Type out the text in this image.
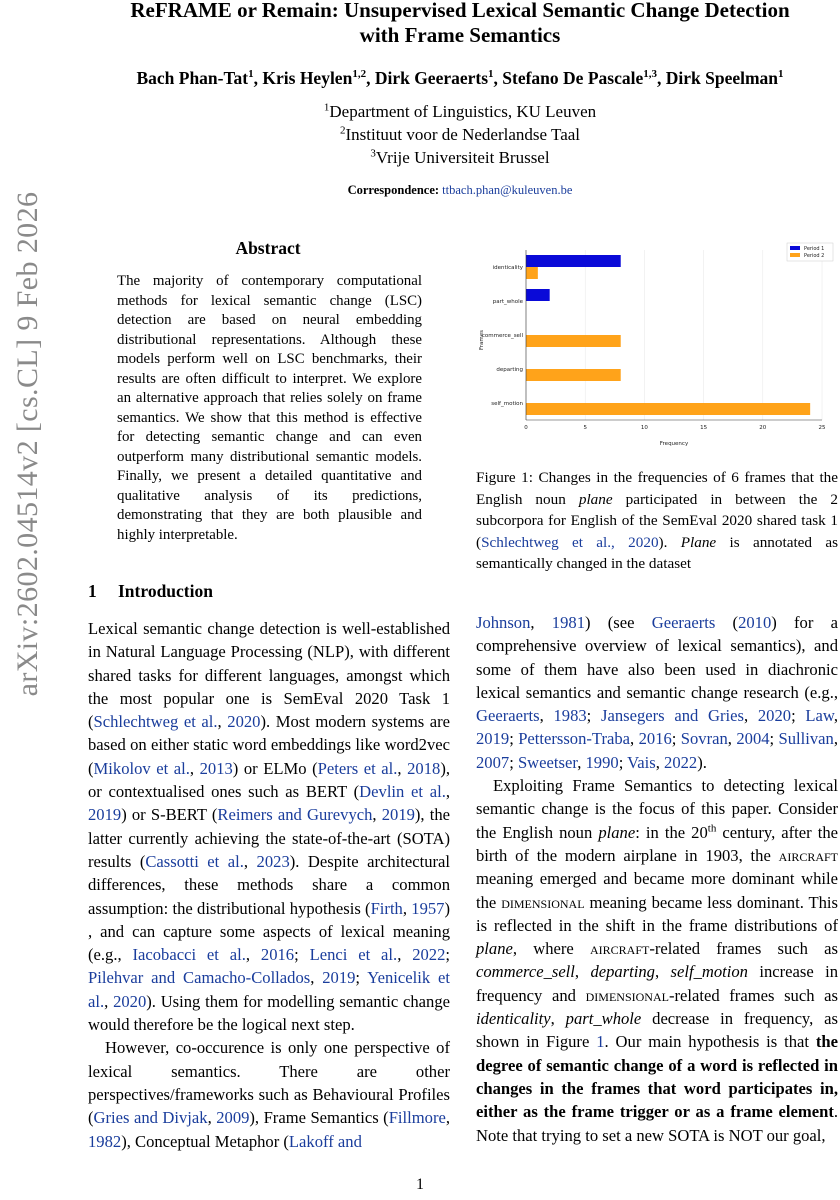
arXiv:2602.04514v2 [cs.CL] 9 Feb 2026
ReFRAME or Remain: Unsupervised Lexical Semantic Change Detection
with Frame Semantics
Bach Phan-Tat$^1$, Kris Heylen$^{1,2}$, Dirk Geeraerts$^1$, Stefano De Pascale$^{1,3}$, Dirk Speelman$^1$
$^1$Department of Linguistics, KU Leuven
$^2$Instituut voor de Nederlandse Taal
$^3$Vrije Universiteit Brussel
Correspondence: ttbach.phan@kuleuven.be
Abstract
The majority of contemporary computational methods for lexical semantic change (LSC) detection are based on neural embedding distributional representations. Although these models perform well on LSC benchmarks, their results are often difficult to interpret. We explore an alternative approach that relies solely on frame semantics. We show that this method is effective for detecting semantic change and can even outperform many distributional semantic models. Finally, we present a detailed quantitative and qualitative analysis of its predictions, demonstrating that they are both plausible and highly interpretable.
identicality
part_whole
commerce_sell
departing
self_motion
0	5	10	15	20	25
Frequency
Frames
Period 1
Period 2
Figure 1: Changes in the frequencies of 6 frames that the English noun plane participated in between the 2 subcorpora for English of the SemEval 2020 shared task 1 (Schlechtweg et al., 2020). Plane is annotated as semantically changed in the dataset
1 Introduction

Lexical semantic change detection is well-established in Natural Language Processing (NLP), with different shared tasks for different languages, amongst which the most popular one is SemEval 2020 Task 1 (Schlechtweg et al., 2020). Most modern systems are based on either static word embeddings like word2vec (Mikolov et al., 2013) or ELMo (Peters et al., 2018), or contextualised ones such as BERT (Devlin et al., 2019) or S-BERT (Reimers and Gurevych, 2019), the latter currently achieving the state-of-the-art (SOTA) results (Cassotti et al., 2023). Despite architectural differences, these methods share a common assumption: the distributional hypothesis (Firth, 1957) , and can capture some aspects of lexical meaning (e.g., Iacobacci et al., 2016; Lenci et al., 2022; Pilehvar and Camacho-Collados, 2019; Yenicelik et al., 2020). Using them for modelling semantic change would therefore be the logical next step.

However, co-occurence is only one perspective of lexical semantics. There are other perspectives/frameworks such as Behavioural Profiles (Gries and Divjak, 2009), Frame Semantics (Fillmore, 1982), Conceptual Metaphor (Lakoff and

Johnson, 1981) (see Geeraerts (2010) for a comprehensive overview of lexical semantics), and some of them have also been used in diachronic lexical semantics and semantic change research (e.g., Geeraerts, 1983; Jansegers and Gries, 2020; Law, 2019; Pettersson-Traba, 2016; Sovran, 2004; Sullivan, 2007; Sweetser, 1990; Vais, 2022).

Exploiting Frame Semantics to detecting lexical semantic change is the focus of this paper. Consider the English noun plane: in the 20th century, after the birth of the modern airplane in 1903, the aircraft meaning emerged and became more dominant while the dimensional meaning became less dominant. This is reflected in the shift in the frame distributions of plane, where aircraft-related frames such as commerce_sell, departing, self_motion increase in frequency and dimensional-related frames such as identicality, part_whole decrease in frequency, as shown in Figure 1. Our main hypothesis is that the degree of semantic change of a word is reflected in changes in the frames that word participates in, either as the frame trigger or as a frame element. Note that trying to set a new SOTA is NOT our goal,

1
